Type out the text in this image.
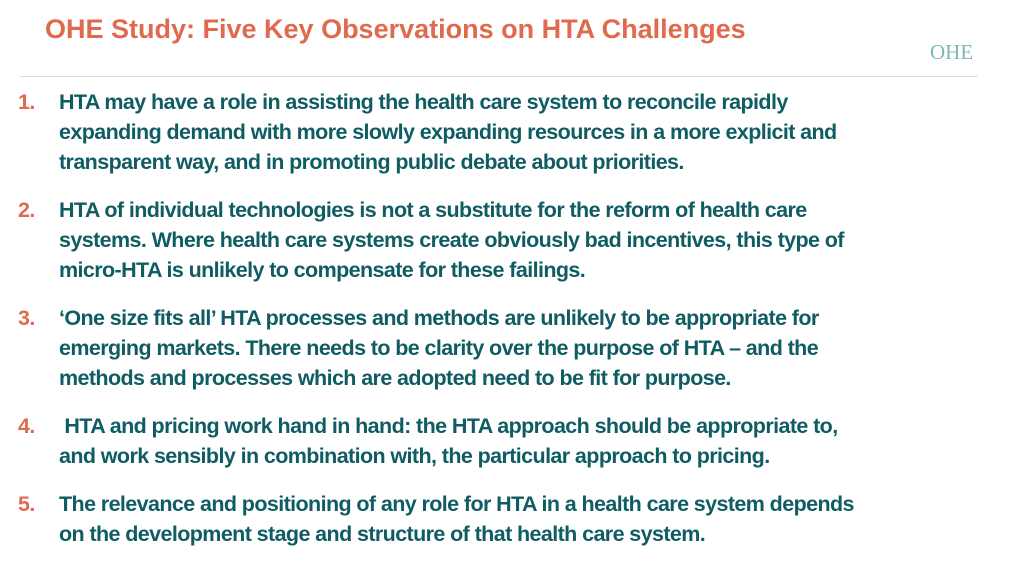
OHE Study: Five Key Observations on HTA Challenges
OHE
1.	HTA may have a role in assisting the health care system to reconcile rapidly
expanding demand with more slowly expanding resources in a more explicit and
transparent way, and in promoting public debate about priorities.
2.	HTA of individual technologies is not a substitute for the reform of health care
systems. Where health care systems create obviously bad incentives, this type of
micro-HTA is unlikely to compensate for these failings.
3.	‘One size fits all’ HTA processes and methods are unlikely to be appropriate for
emerging markets. There needs to be clarity over the purpose of HTA – and the
methods and processes which are adopted need to be fit for purpose.
4.	HTA and pricing work hand in hand: the HTA approach should be appropriate to,
and work sensibly in combination with, the particular approach to pricing.
5.	The relevance and positioning of any role for HTA in a health care system depends
on the development stage and structure of that health care system.
